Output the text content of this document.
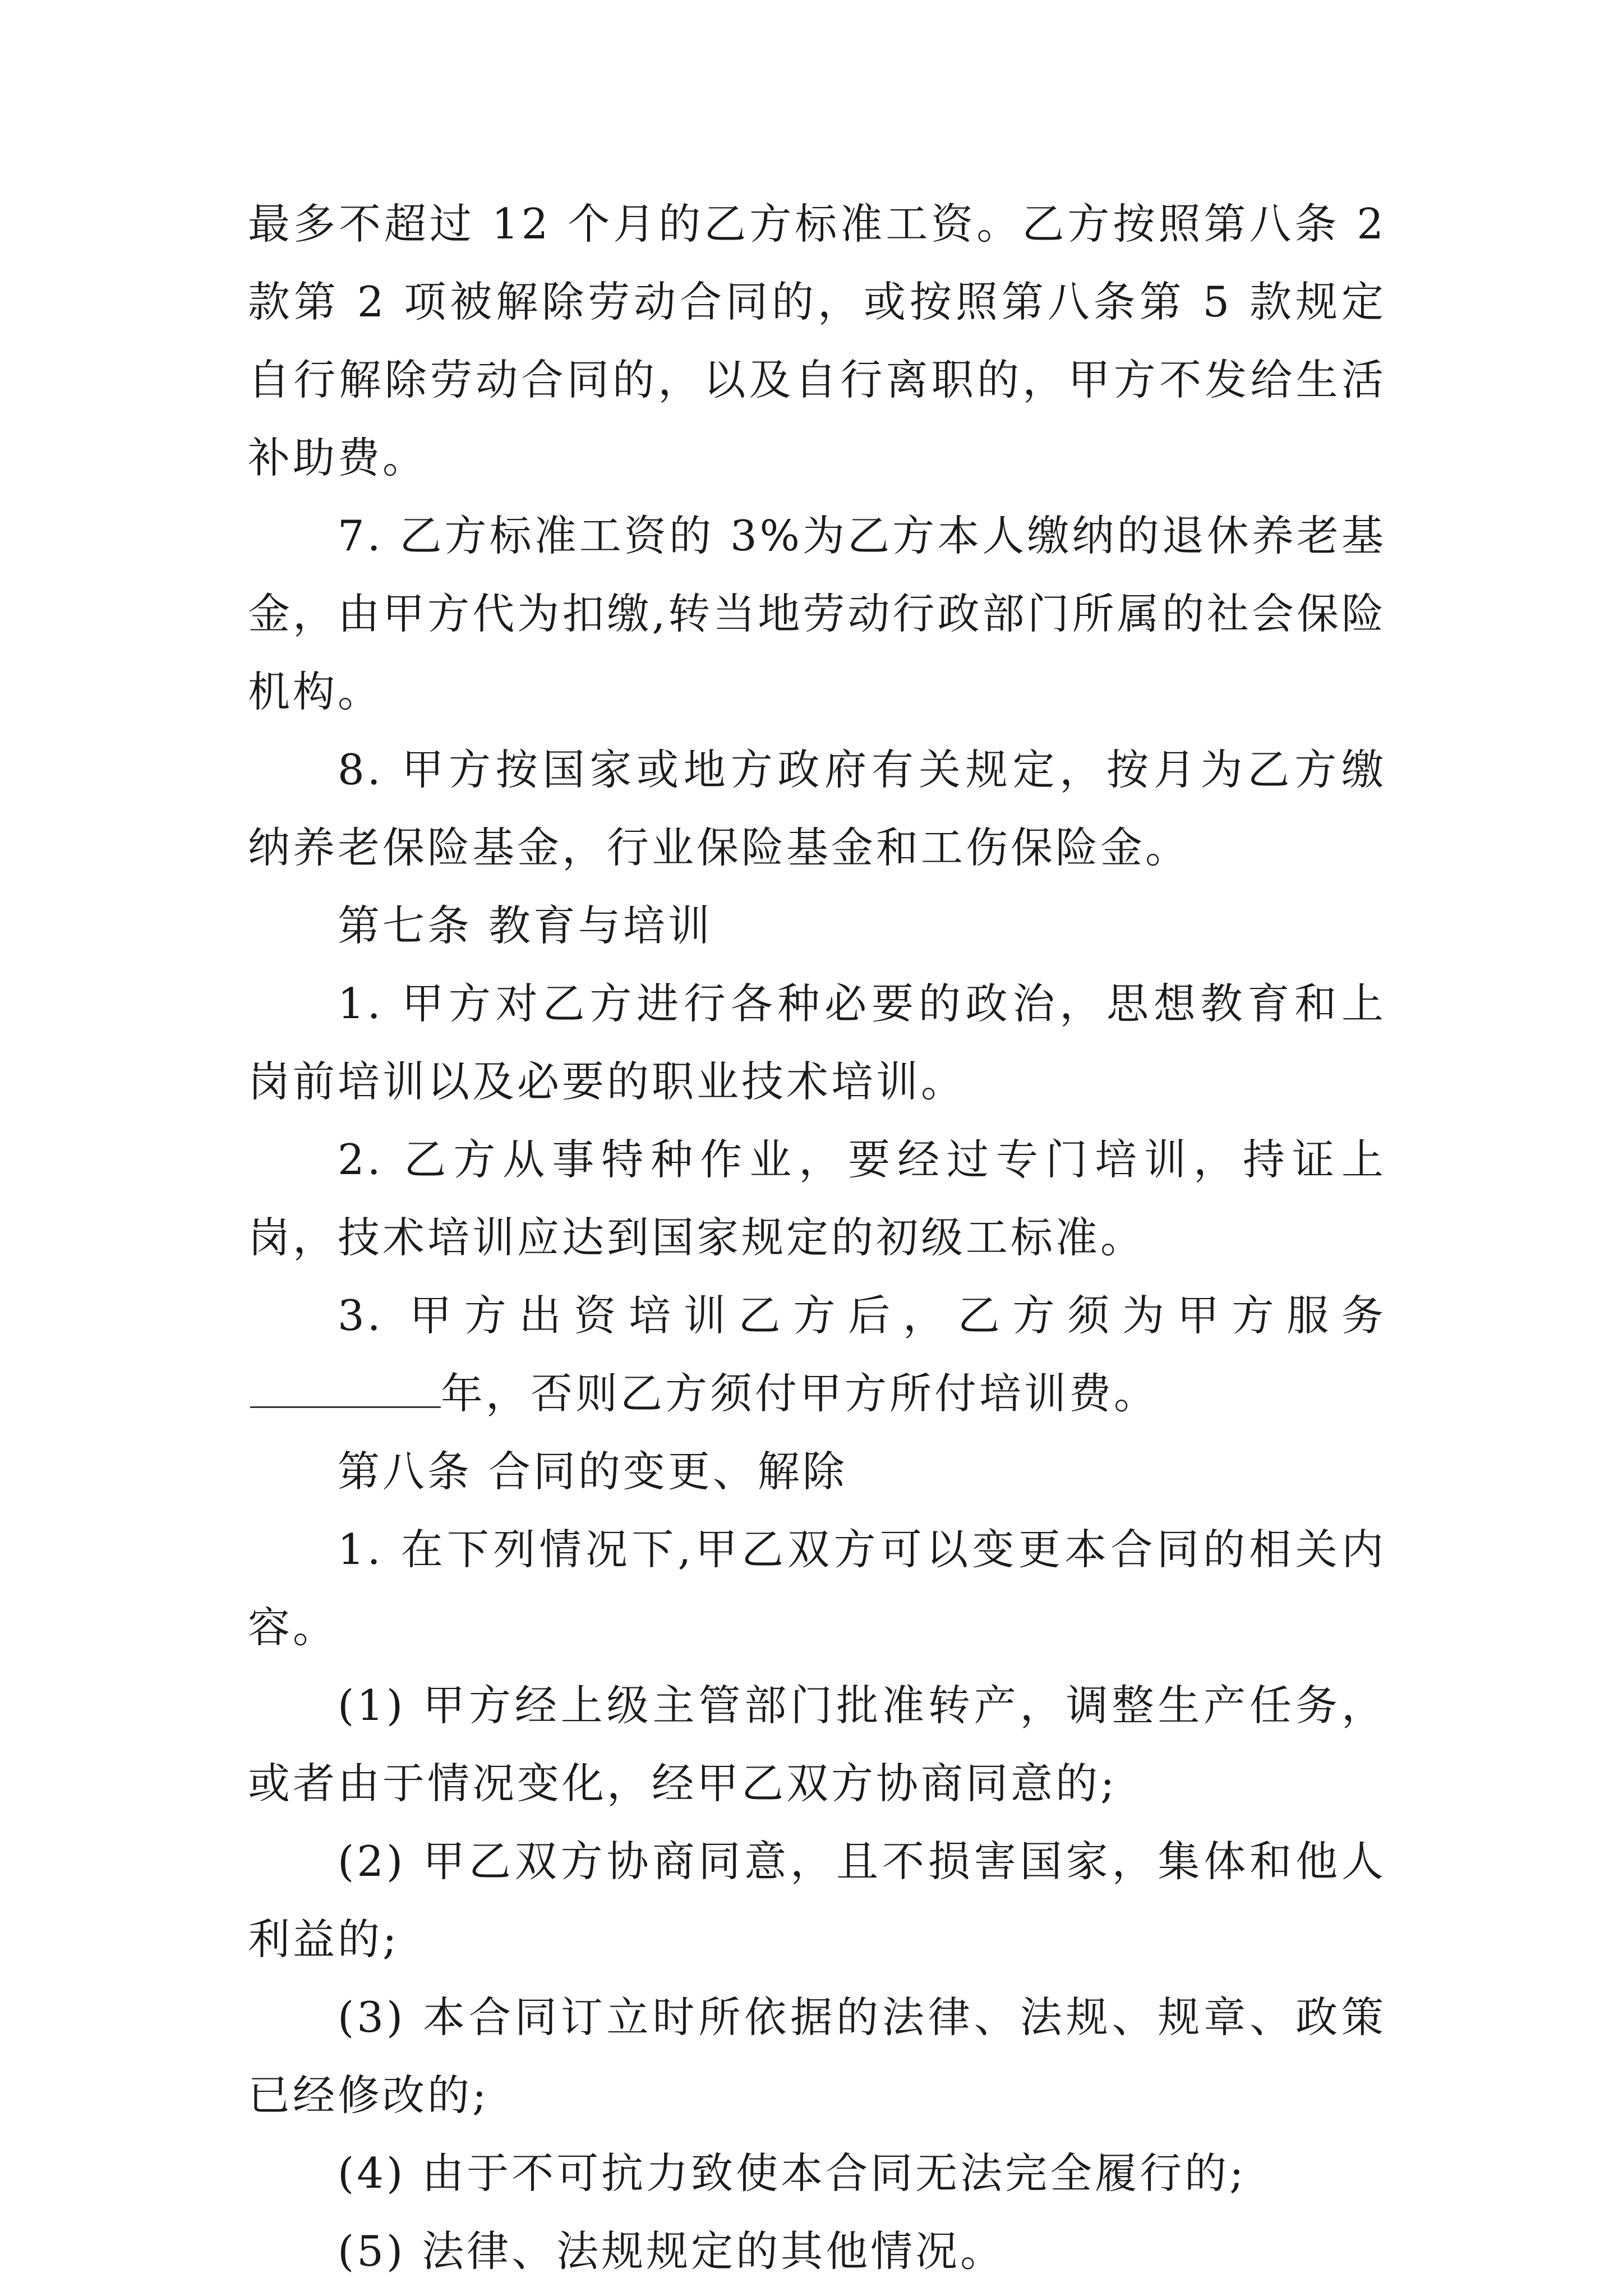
最多不超过 12 个月的乙方标准工资。乙方按照第八条 2 款第 2 项被解除劳动合同的，或按照第八条第 5 款规定自行解除劳动合同的，以及自行离职的，甲方不发给生活补助费。

7. 乙方标准工资的 3%为乙方本人缴纳的退休养老基金，由甲方代为扣缴,转当地劳动行政部门所属的社会保险机构。

8. 甲方按国家或地方政府有关规定，按月为乙方缴纳养老保险基金，行业保险基金和工伤保险金。

第七条 教育与培训

1. 甲方对乙方进行各种必要的政治，思想教育和上岗前培训以及必要的职业技术培训。

2. 乙方从事特种作业，要经过专门培训，持证上岗，技术培训应达到国家规定的初级工标准。

3. 甲方出资培训乙方后，乙方须为甲方服务年，否则乙方须付甲方所付培训费。

第八条 合同的变更、解除

1. 在下列情况下,甲乙双方可以变更本合同的相关内容。

(1) 甲方经上级主管部门批准转产，调整生产任务，或者由于情况变化，经甲乙双方协商同意的;

(2) 甲乙双方协商同意，且不损害国家，集体和他人利益的;

(3) 本合同订立时所依据的法律、法规、规章、政策已经修改的;

(4) 由于不可抗力致使本合同无法完全履行的;

(5) 法律、法规规定的其他情况。
